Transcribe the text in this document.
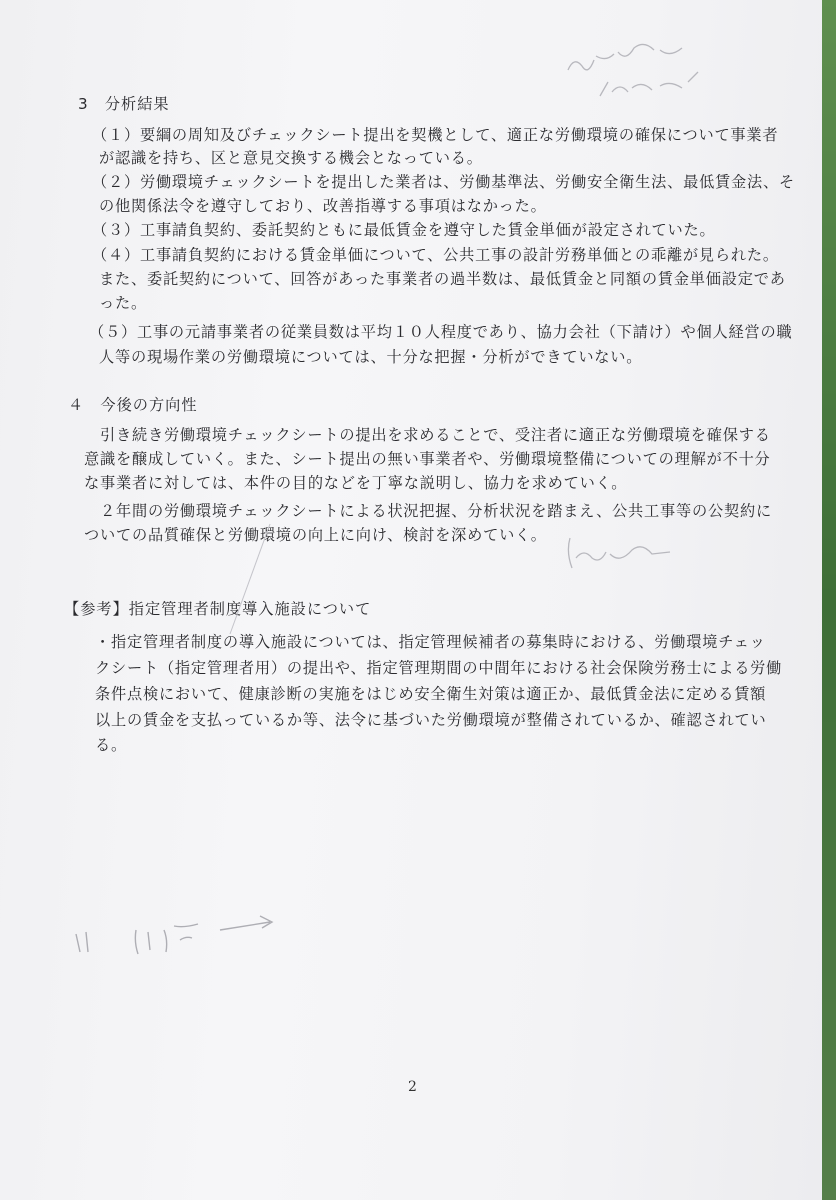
3　分析結果
（１）要綱の周知及びチェックシート提出を契機として、適正な労働環境の確保について事業者
が認識を持ち、区と意見交換する機会となっている。
（２）労働環境チェックシートを提出した業者は、労働基準法、労働安全衛生法、最低賃金法、そ
の他関係法令を遵守しており、改善指導する事項はなかった。
（３）工事請負契約、委託契約ともに最低賃金を遵守した賃金単価が設定されていた。
（４）工事請負契約における賃金単価について、公共工事の設計労務単価との乖離が見られた。
また、委託契約について、回答があった事業者の過半数は、最低賃金と同額の賃金単価設定であ
った。
（５）工事の元請事業者の従業員数は平均１０人程度であり、協力会社（下請け）や個人経営の職
人等の現場作業の労働環境については、十分な把握・分析ができていない。
４　今後の方向性
引き続き労働環境チェックシートの提出を求めることで、受注者に適正な労働環境を確保する
意識を醸成していく。また、シート提出の無い事業者や、労働環境整備についての理解が不十分
な事業者に対しては、本件の目的などを丁寧な説明し、協力を求めていく。
２年間の労働環境チェックシートによる状況把握、分析状況を踏まえ、公共工事等の公契約に
ついての品質確保と労働環境の向上に向け、検討を深めていく。
【参考】指定管理者制度導入施設について
・指定管理者制度の導入施設については、指定管理候補者の募集時における、労働環境チェッ
クシート（指定管理者用）の提出や、指定管理期間の中間年における社会保険労務士による労働
条件点検において、健康診断の実施をはじめ安全衛生対策は適正か、最低賃金法に定める賃額
以上の賃金を支払っているか等、法令に基づいた労働環境が整備されているか、確認されてい
る。
2
